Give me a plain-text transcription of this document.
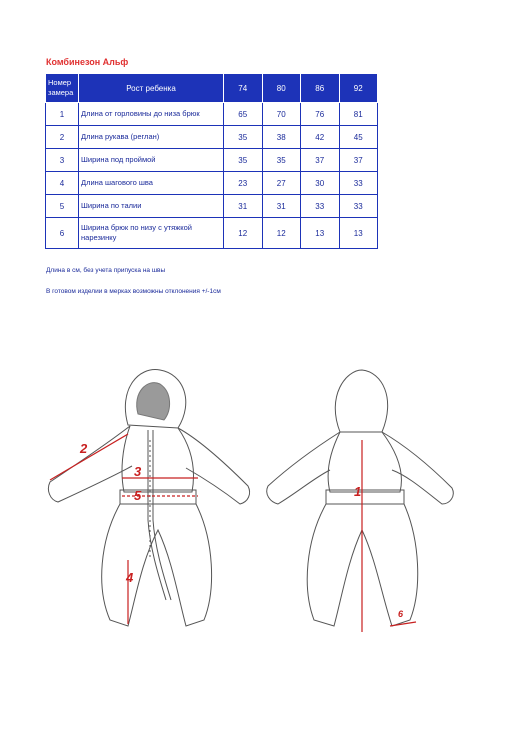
Комбинезон Альф
Номер замера	Рост ребенка	74	80	86	92
1	Длина от горловины до низа брюк	65	70	76	81
2	Длина рукава (реглан)	35	38	42	45
3	Ширина под проймой	35	35	37	37
4	Длина шагового шва	23	27	30	33
5	Ширина по талии	31	31	33	33
6	Ширина брюк по низу с утяжкой нарезинку	12	12	13	13
Длина в см, без учета припуска на швы
В готовом изделии в мерках возможны отклонения +/-1см
2
3
5
4
1
6
